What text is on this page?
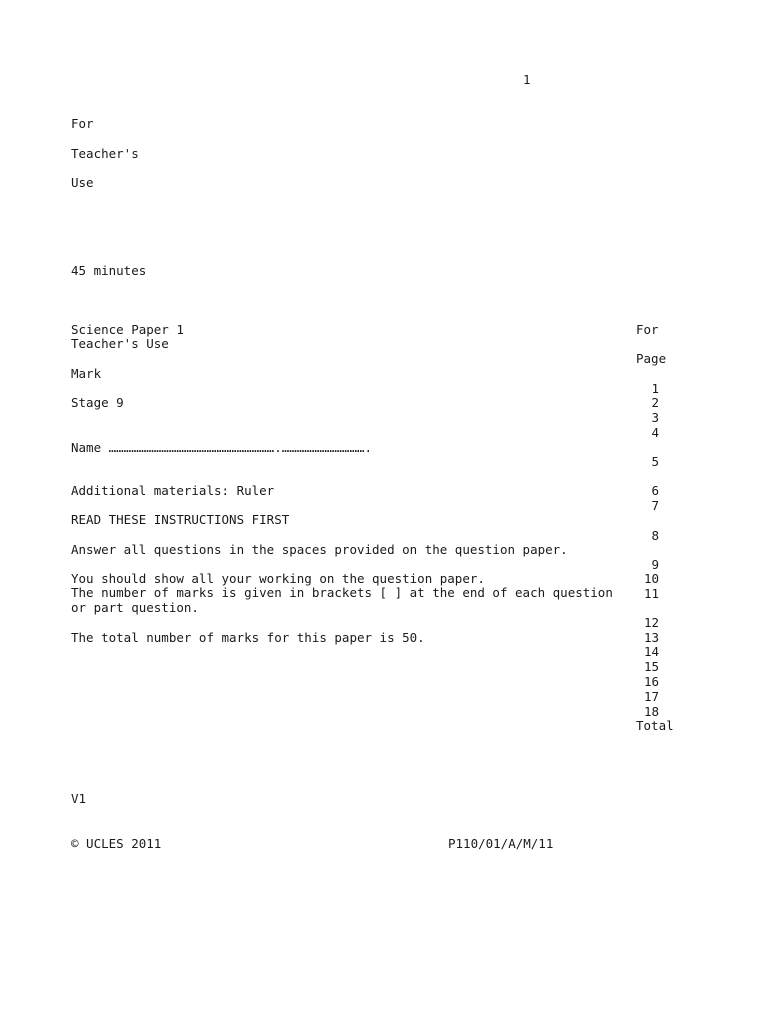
1
For
Teacher's
Use
45 minutes
Science Paper 1
Teacher's Use
Mark
Stage 9
Name ………………………………………………………….…………………………….
Additional materials: Ruler
READ THESE INSTRUCTIONS FIRST
Answer all questions in the spaces provided on the question paper.
You should show all your working on the question paper.
The number of marks is given in brackets [ ] at the end of each question
or part question.
The total number of marks for this paper is 50.
For
Page
1
2
3
4
5
6
7
8
9
10
11
12
13
14
15
16
17
18
Total
V1
© UCLES 2011	P110/01/A/M/11
